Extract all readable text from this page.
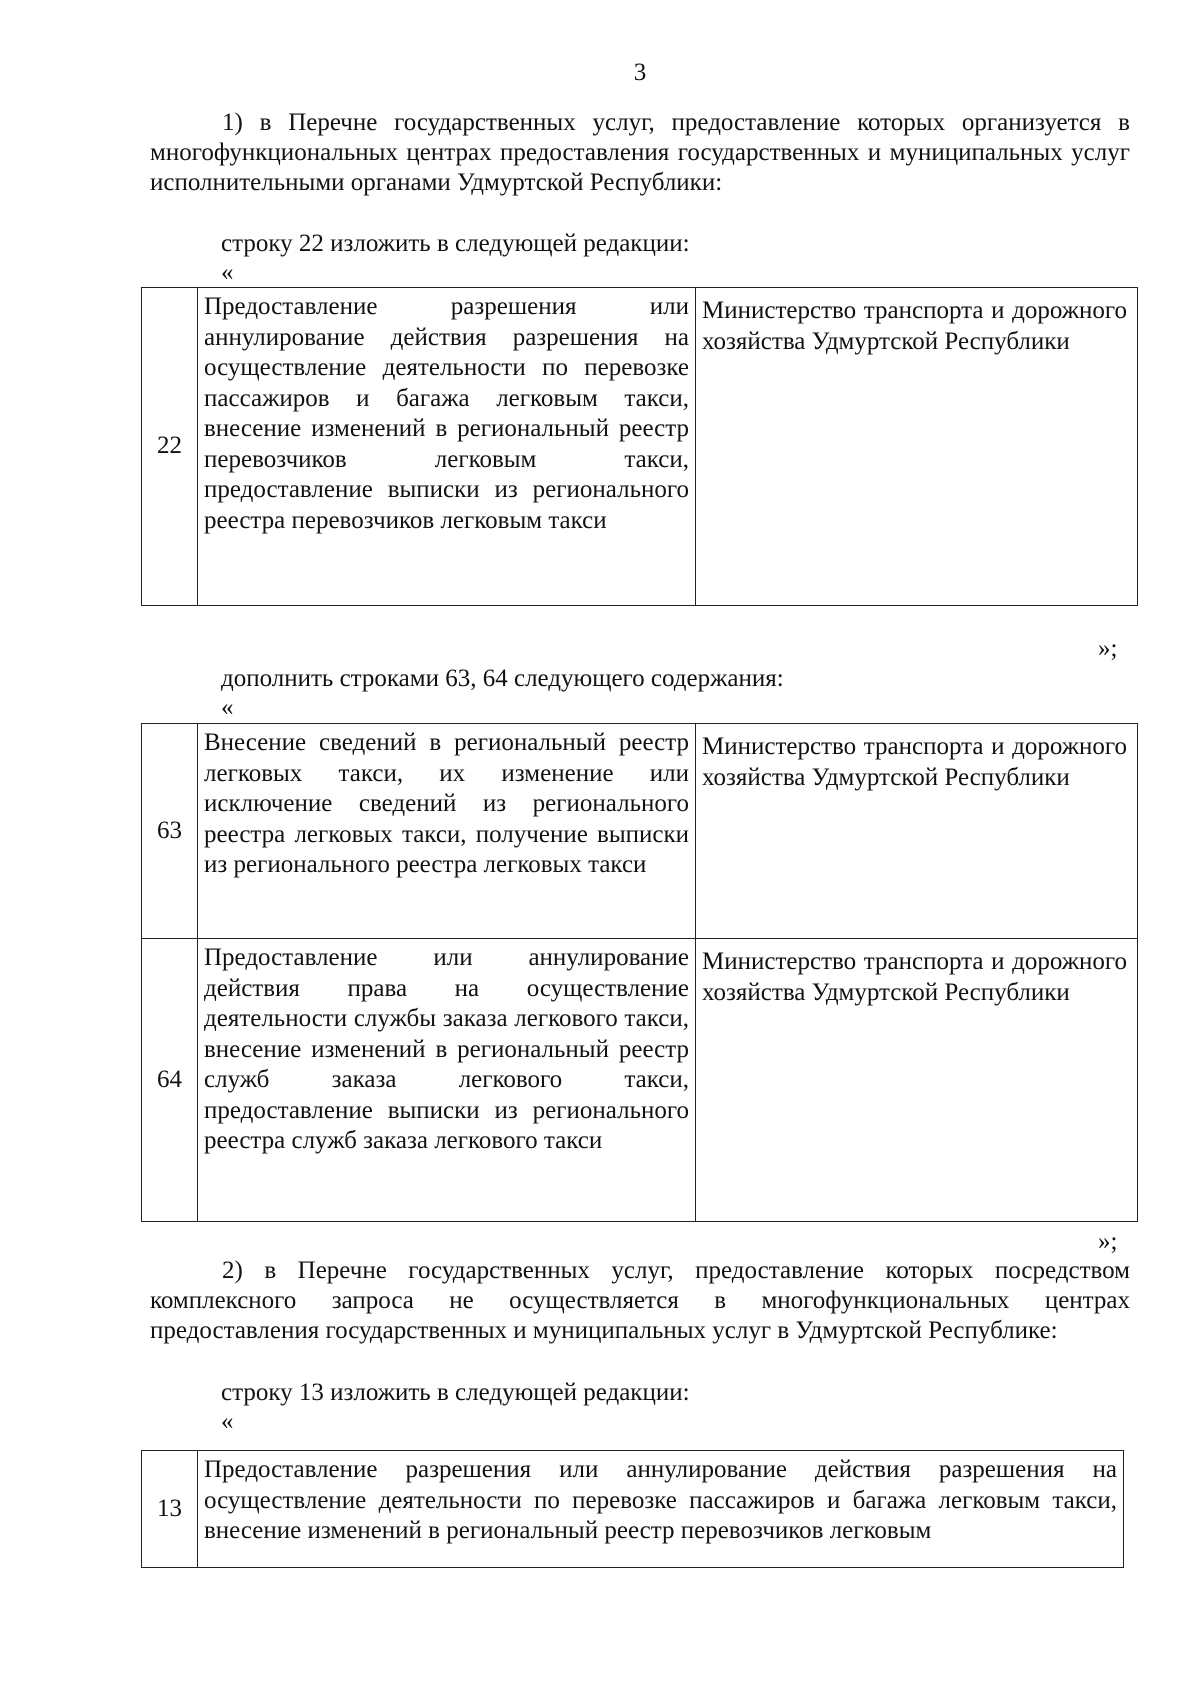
3
1) в Перечне государственных услуг, предоставление которых организуется в многофункциональных центрах предоставления государственных и муниципальных услуг исполнительными органами Удмуртской Республики:
строку 22 изложить в следующей редакции:
«
22	Предоставление разрешения или аннулирование действия разрешения на осуществление деятельности по перевозке пассажиров и багажа легковым такси, внесение изменений в региональный реестр перевозчиков легковым такси, предоставление выписки из регионального реестра перевозчиков легковым такси	Министерство транспорта и дорожного хозяйства Удмуртской Республики
»;
дополнить строками 63, 64 следующего содержания:
«
63	Внесение сведений в региональный реестр легковых такси, их изменение или исключение сведений из регионального реестра легковых такси, получение выписки из регионального реестра легковых такси	Министерство транспорта и дорожного хозяйства Удмуртской Республики
64	Предоставление или аннулирование действия права на осуществление деятельности службы заказа легкового такси, внесение изменений в региональный реестр служб заказа легкового такси, предоставление выписки из регионального реестра служб заказа легкового такси	Министерство транспорта и дорожного хозяйства Удмуртской Республики
»;
2) в Перечне государственных услуг, предоставление которых посредством комплексного запроса не осуществляется в многофункциональных центрах предоставления государственных и муниципальных услуг в Удмуртской Республике:
строку 13 изложить в следующей редакции:
«
13	Предоставление разрешения или аннулирование действия разрешения на осуществление деятельности по перевозке пассажиров и багажа легковым такси, внесение изменений в региональный реестр перевозчиков легковым
